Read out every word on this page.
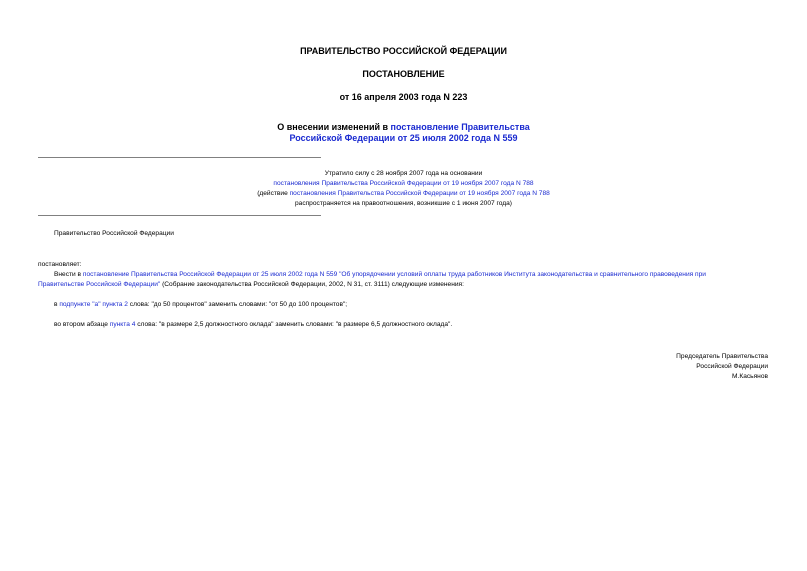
ПРАВИТЕЛЬСТВО РОССИЙСКОЙ ФЕДЕРАЦИИ
ПОСТАНОВЛЕНИЕ
от 16 апреля 2003 года N 223
О внесении изменений в постановление Правительства
Российской Федерации от 25 июля 2002 года N 559
Утратило силу с 28 ноября 2007 года на основании
постановления Правительства Российской Федерации от 19 ноября 2007 года N 788
(действие постановления Правительства Российской Федерации от 19 ноября 2007 года N 788
распространяется на правоотношения, возникшие с 1 июня 2007 года)
Правительство Российской Федерации
постановляет:
Внести в постановление Правительства Российской Федерации от 25 июля 2002 года N 559 "Об упорядочении условий оплаты труда работников Института законодательства и сравнительного правоведения при
Правительстве Российской Федерации" (Собрание законодательства Российской Федерации, 2002, N 31, ст. 3111) следующие изменения:
в подпункте "а" пункта 2 слова: "до 50 процентов" заменить словами: "от 50 до 100 процентов";
во втором абзаце пункта 4 слова: "в размере 2,5 должностного оклада" заменить словами: "в размере 6,5 должностного оклада".
Председатель Правительства
Российской Федерации
М.Касьянов
